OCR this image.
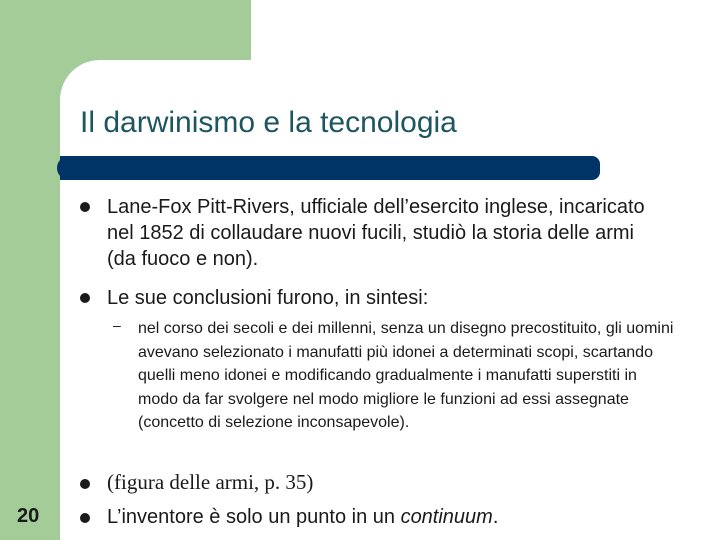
Il darwinismo e la tecnologia
Lane-Fox Pitt-Rivers, ufficiale dell’esercito inglese, incaricato nel 1852 di collaudare nuovi fucili, studiò la storia delle armi (da fuoco e non).
Le sue conclusioni furono, in sintesi:
– nel corso dei secoli e dei millenni, senza un disegno precostituito, gli uomini avevano selezionato i manufatti più idonei a determinati scopi, scartando quelli meno idonei e modificando gradualmente i manufatti superstiti in modo da far svolgere nel modo migliore le funzioni ad essi assegnate (concetto di selezione inconsapevole).
(figura delle armi, p. 35)
L’inventore è solo un punto in un continuum.
20
